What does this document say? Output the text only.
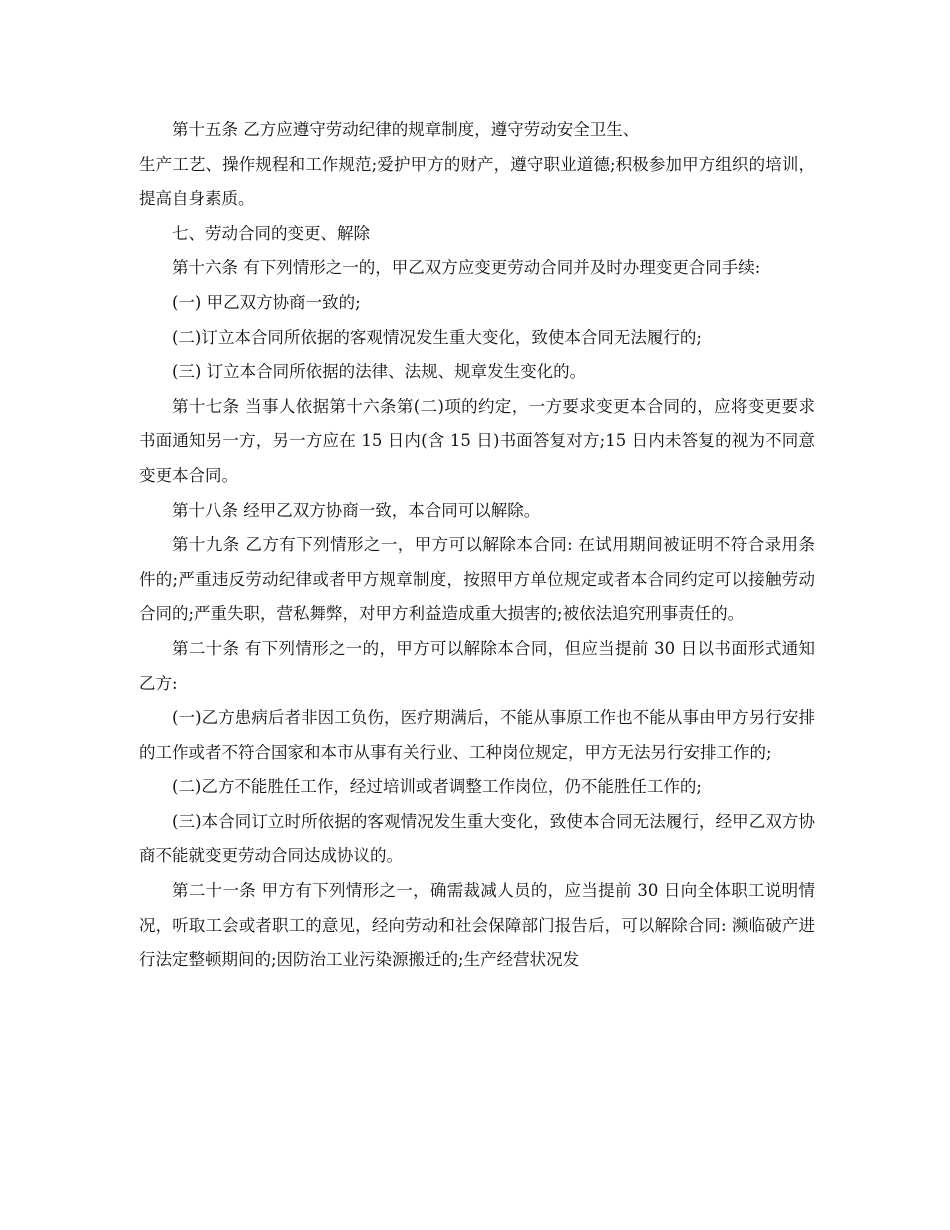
第十五条 乙方应遵守劳动纪律的规章制度，遵守劳动安全卫生、

生产工艺、操作规程和工作规范;爱护甲方的财产，遵守职业道德;积极参加甲方组织的培训，提高自身素质。

七、劳动合同的变更、解除

第十六条 有下列情形之一的，甲乙双方应变更劳动合同并及时办理变更合同手续:

(一) 甲乙双方协商一致的;

(二)订立本合同所依据的客观情况发生重大变化，致使本合同无法履行的;

(三) 订立本合同所依据的法律、法规、规章发生变化的。

第十七条 当事人依据第十六条第(二)项的约定，一方要求变更本合同的，应将变更要求书面通知另一方，另一方应在 15 日内(含 15 日)书面答复对方;15 日内未答复的视为不同意变更本合同。

第十八条 经甲乙双方协商一致，本合同可以解除。

第十九条 乙方有下列情形之一，甲方可以解除本合同: 在试用期间被证明不符合录用条件的;严重违反劳动纪律或者甲方规章制度，按照甲方单位规定或者本合同约定可以接触劳动合同的;严重失职，营私舞弊，对甲方利益造成重大损害的;被依法追究刑事责任的。

第二十条 有下列情形之一的，甲方可以解除本合同，但应当提前 30 日以书面形式通知乙方:

(一)乙方患病后者非因工负伤，医疗期满后，不能从事原工作也不能从事由甲方另行安排的工作或者不符合国家和本市从事有关行业、工种岗位规定，甲方无法另行安排工作的;

(二)乙方不能胜任工作，经过培训或者调整工作岗位，仍不能胜任工作的;

(三)本合同订立时所依据的客观情况发生重大变化，致使本合同无法履行，经甲乙双方协商不能就变更劳动合同达成协议的。

第二十一条 甲方有下列情形之一，确需裁减人员的，应当提前 30 日向全体职工说明情况，听取工会或者职工的意见，经向劳动和社会保障部门报告后，可以解除合同: 濒临破产进行法定整顿期间的;因防治工业污染源搬迁的;生产经营状况发
